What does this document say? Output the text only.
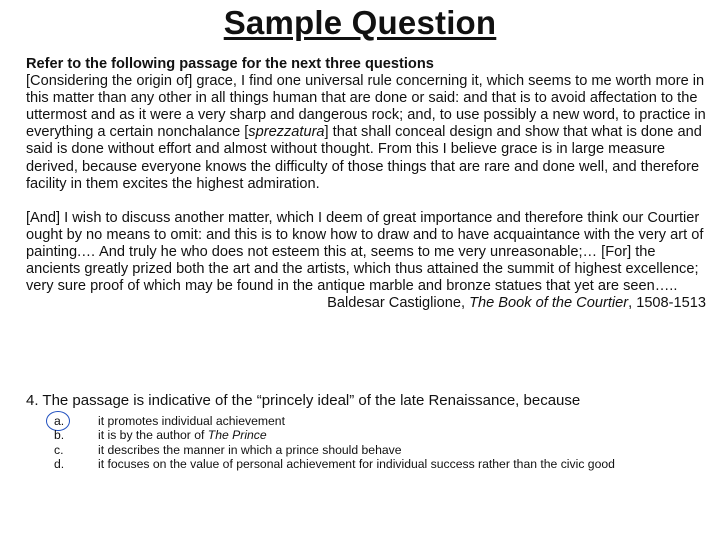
Sample Question
Refer to the following passage for the next three questions

[Considering the origin of] grace, I find one universal rule concerning it, which seems to me worth more in this matter than any other in all things human that are done or said: and that is to avoid affectation to the uttermost and as it were a very sharp and dangerous rock; and, to use possibly a new word, to practice in everything a certain nonchalance [sprezzatura] that shall conceal design and show that what is done and said is done without effort and almost without thought. From this I believe grace is in large measure derived, because everyone knows the difficulty of those things that are rare and done well, and therefore facility in them excites the highest admiration.

[And] I wish to discuss another matter, which I deem of great importance and therefore think our Courtier ought by no means to omit: and this is to know how to draw and to have acquaintance with the very art of painting.… And truly he who does not esteem this at, seems to me very unreasonable;… [For] the ancients greatly prized both the art and the artists, which thus attained the summit of highest excellence; very sure proof of which may be found in the antique marble and bronze statues that yet are seen…..

Baldesar Castiglione, The Book of the Courtier, 1508-1513

4. The passage is indicative of the “princely ideal” of the late Renaissance, because
a.	it promotes individual achievement
b.	it is by the author of The Prince
c.	it describes the manner in which a prince should behave
d.	it focuses on the value of personal achievement for individual success rather than the civic good
